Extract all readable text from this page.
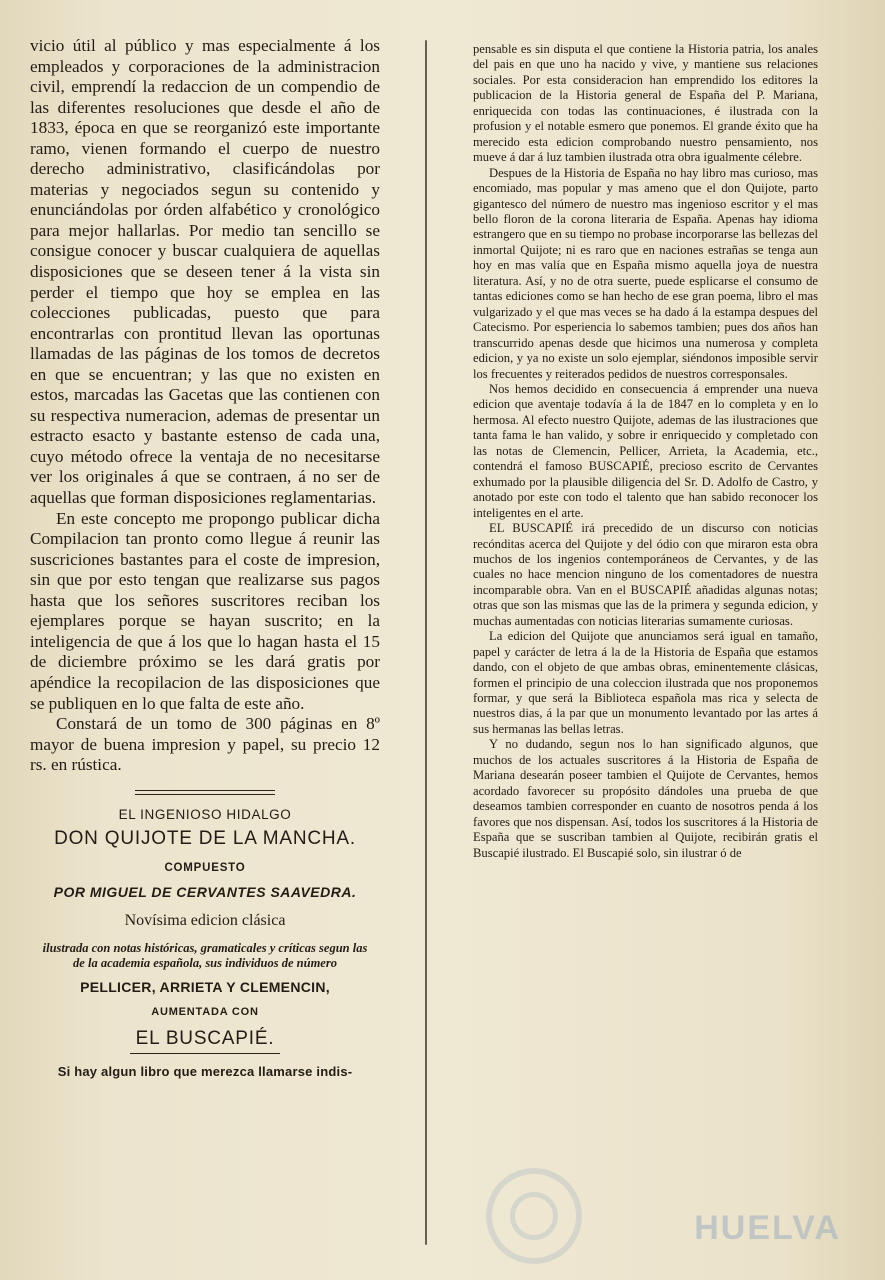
vicio útil al público y mas especialmente á los empleados y corporaciones de la administracion civil, emprendí la redaccion de un compendio de las diferentes resoluciones que desde el año de 1833, época en que se reorganizó este importante ramo, vienen formando el cuerpo de nuestro derecho administrativo, clasificándolas por materias y negociados segun su contenido y enunciándolas por órden alfabético y cronológico para mejor hallarlas. Por medio tan sencillo se consigue conocer y buscar cualquiera de aquellas disposiciones que se deseen tener á la vista sin perder el tiempo que hoy se emplea en las colecciones publicadas, puesto que para encontrarlas con prontitud llevan las oportunas llamadas de las páginas de los tomos de decretos en que se encuentran; y las que no existen en estos, marcadas las Gacetas que las contienen con su respectiva numeracion, ademas de presentar un estracto esacto y bastante estenso de cada una, cuyo método ofrece la ventaja de no necesitarse ver los originales á que se contraen, á no ser de aquellas que forman disposiciones reglamentarias.

En este concepto me propongo publicar dicha Compilacion tan pronto como llegue á reunir las suscriciones bastantes para el coste de impresion, sin que por esto tengan que realizarse sus pagos hasta que los señores suscritores reciban los ejemplares porque se hayan suscrito; en la inteligencia de que á los que lo hagan hasta el 15 de diciembre próximo se les dará gratis por apéndice la recopilacion de las disposiciones que se publiquen en lo que falta de este año.

Constará de un tomo de 300 páginas en 8º mayor de buena impresion y papel, su precio 12 rs. en rústica.

EL INGENIOSO HIDALGO
DON QUIJOTE DE LA MANCHA.
COMPUESTO
POR MIGUEL DE CERVANTES SAAVEDRA.
Novísima edicion clásica
ilustrada con notas históricas, gramaticales y críticas segun las de la academia española, sus individuos de número
PELLICER, ARRIETA Y CLEMENCIN,
AUMENTADA CON
EL BUSCAPIÉ.
Si hay algun libro que merezca llamarse indis-

pensable es sin disputa el que contiene la Historia patria, los anales del pais en que uno ha nacido y vive, y mantiene sus relaciones sociales. Por esta consideracion han emprendido los editores la publicacion de la Historia general de España del P. Mariana, enriquecida con todas las continuaciones, é ilustrada con la profusion y el notable esmero que ponemos. El grande éxito que ha merecido esta edicion comprobando nuestro pensamiento, nos mueve á dar á luz tambien ilustrada otra obra igualmente célebre.

Despues de la Historia de España no hay libro mas curioso, mas encomiado, mas popular y mas ameno que el don Quijote, parto gigantesco del número de nuestro mas ingenioso escritor y el mas bello floron de la corona literaria de España. Apenas hay idioma estrangero que en su tiempo no probase incorporarse las bellezas del inmortal Quijote; ni es raro que en naciones estrañas se tenga aun hoy en mas valía que en España mismo aquella joya de nuestra literatura. Así, y no de otra suerte, puede esplicarse el consumo de tantas ediciones como se han hecho de ese gran poema, libro el mas vulgarizado y el que mas veces se ha dado á la estampa despues del Catecismo. Por esperiencia lo sabemos tambien; pues dos años han transcurrido apenas desde que hicimos una numerosa y completa edicion, y ya no existe un solo ejemplar, siéndonos imposible servir los frecuentes y reiterados pedidos de nuestros corresponsales.

Nos hemos decidido en consecuencia á emprender una nueva edicion que aventaje todavía á la de 1847 en lo completa y en lo hermosa. Al efecto nuestro Quijote, ademas de las ilustraciones que tanta fama le han valido, y sobre ir enriquecido y completado con las notas de Clemencin, Pellicer, Arrieta, la Academia, etc., contendrá el famoso BUSCAPIÉ, precioso escrito de Cervantes exhumado por la plausible diligencia del Sr. D. Adolfo de Castro, y anotado por este con todo el talento que han sabido reconocer los inteligentes en el arte.

EL BUSCAPIÉ irá precedido de un discurso con noticias recónditas acerca del Quijote y del ódio con que miraron esta obra muchos de los ingenios contemporáneos de Cervantes, y de las cuales no hace mencion ninguno de los comentadores de nuestra incomparable obra. Van en el BUSCAPIÉ añadidas algunas notas; otras que son las mismas que las de la primera y segunda edicion, y muchas aumentadas con noticias literarias sumamente curiosas.

La edicion del Quijote que anunciamos será igual en tamaño, papel y carácter de letra á la de la Historia de España que estamos dando, con el objeto de que ambas obras, eminentemente clásicas, formen el principio de una coleccion ilustrada que nos proponemos formar, y que será la Biblioteca española mas rica y selecta de nuestros dias, á la par que un monumento levantado por las artes á sus hermanas las bellas letras.

Y no dudando, segun nos lo han significado algunos, que muchos de los actuales suscritores á la Historia de España de Mariana desearán poseer tambien el Quijote de Cervantes, hemos acordado favorecer su propósito dándoles una prueba de que deseamos tambien corresponder en cuanto de nosotros penda á los favores que nos dispensan. Así, todos los suscritores á la Historia de España que se suscriban tambien al Quijote, recibirán gratis el Buscapié ilustrado. El Buscapié solo, sin ilustrar ó de

HUELVA
